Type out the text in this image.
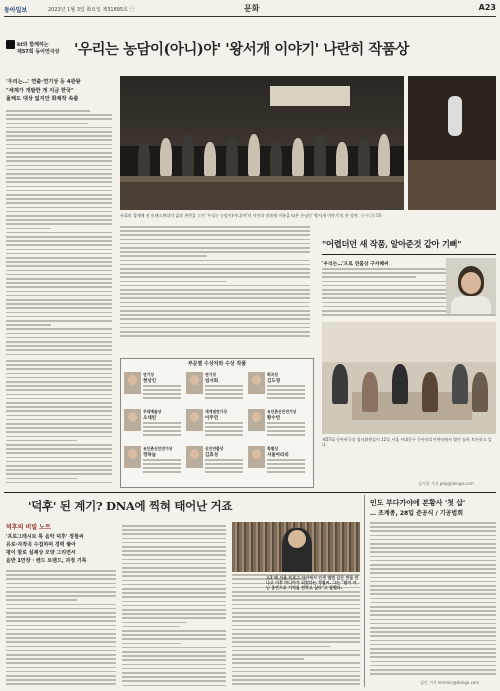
동아일보	2023년 1월 3일 화요일 제31895호 ㊀	문화	A23
kt와 함께하는
제57회 동아연극상 '우리는 농담이(아니)야' '왕서개 이야기' 나란히 작품상
'우리는…' 연출·연기상 등 4관왕
"세계가 개발한 게 지금 한국"
올해도 대상 없지만 화제작 속출
사회의 경계에 선 트랜스젠더의 삶과 편견을 그린 '우리는 농담이(아니)야'의 사전과 작품에 이름을 따온 손님인 '왕서개 이야기'의 한 장면. 동아일보DB
"어렵더던 새 작품, 알아준것 같아 기뻐"
'우리는…'으로 연출상 구자혜씨
부문별 수상자와 수상 작품
연기상
현상인
연기상
엄서희
희곡상
김도영
무대예술상
오세빈
새개념연기상
이주연
유인촌신인연기상
황수빈
유인촌신인연기상
정하늘
신인연출상
김효성
특별상
서울아라리
제57회 동아연극상 심사위원들이 12일 서울 서대문구 동아미디어센터에서 열린 심사 토론하고 있다.
김기윤 기자 pep@donga.com
'덕후' 된 계기? DNA에 찍혀 태어난 거죠
덕후의 비밀 노트
'프로그래시브 록 음악 덕후' 정철씨
유로·자작곡 수집하며 경력 쌓아
평이 말로 실제상 모양 그리면서
음반 1만장 · 벤드 트랜드, 과정 기록
고2 때 서울 프로그 자이에서 인생 앨범 같은 반을 만나고 이후 마니아가 되었다는 정철씨. 그는 "말이 아닌 음반으로 기억을 전하고 싶다"고 말했다.
인도 부다가야에 본황사 '첫 삽'
… 조계종, 28일 준공식 / 기공법회
김민 기자 kimmin@donga.com
